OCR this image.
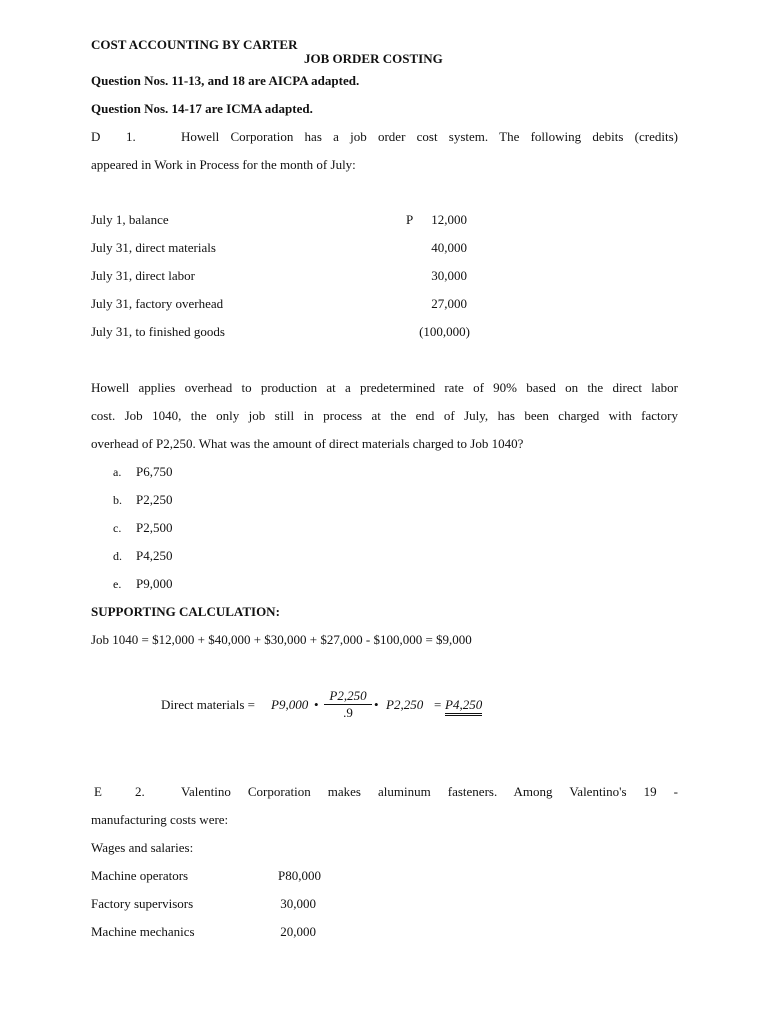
COST ACCOUNTING BY CARTER
JOB ORDER COSTING
Question Nos. 11-13, and 18 are AICPA adapted.
Question Nos. 14-17 are ICMA adapted.
D 1.	Howell Corporation has a job order cost system. The following debits (credits)
appeared in Work in Process for the month of July:
July 1, balance	P	12,000
July 31, direct materials	40,000
July 31, direct labor	30,000
July 31, factory overhead	27,000
July 31, to finished goods	(100,000)
Howell applies overhead to production at a predetermined rate of 90% based on the direct labor
cost. Job 1040, the only job still in process at the end of July, has been charged with factory
overhead of P2,250. What was the amount of direct materials charged to Job 1040?
a. P6,750
b. P2,250
c. P2,500
d. P4,250
e. P9,000
SUPPORTING CALCULATION:
Job 1040 = $12,000 + $40,000 + $30,000 + $27,000 - $100,000 = $9,000
Direct materials = P9,000 •
P2,250
.9
• P2,250 = P4,250
E	2.	Valentino Corporation makes aluminum fasteners. Among Valentino's 19 -
manufacturing costs were:
Wages and salaries:
Machine operators	P80,000
Factory supervisors	30,000
Machine mechanics	20,000
